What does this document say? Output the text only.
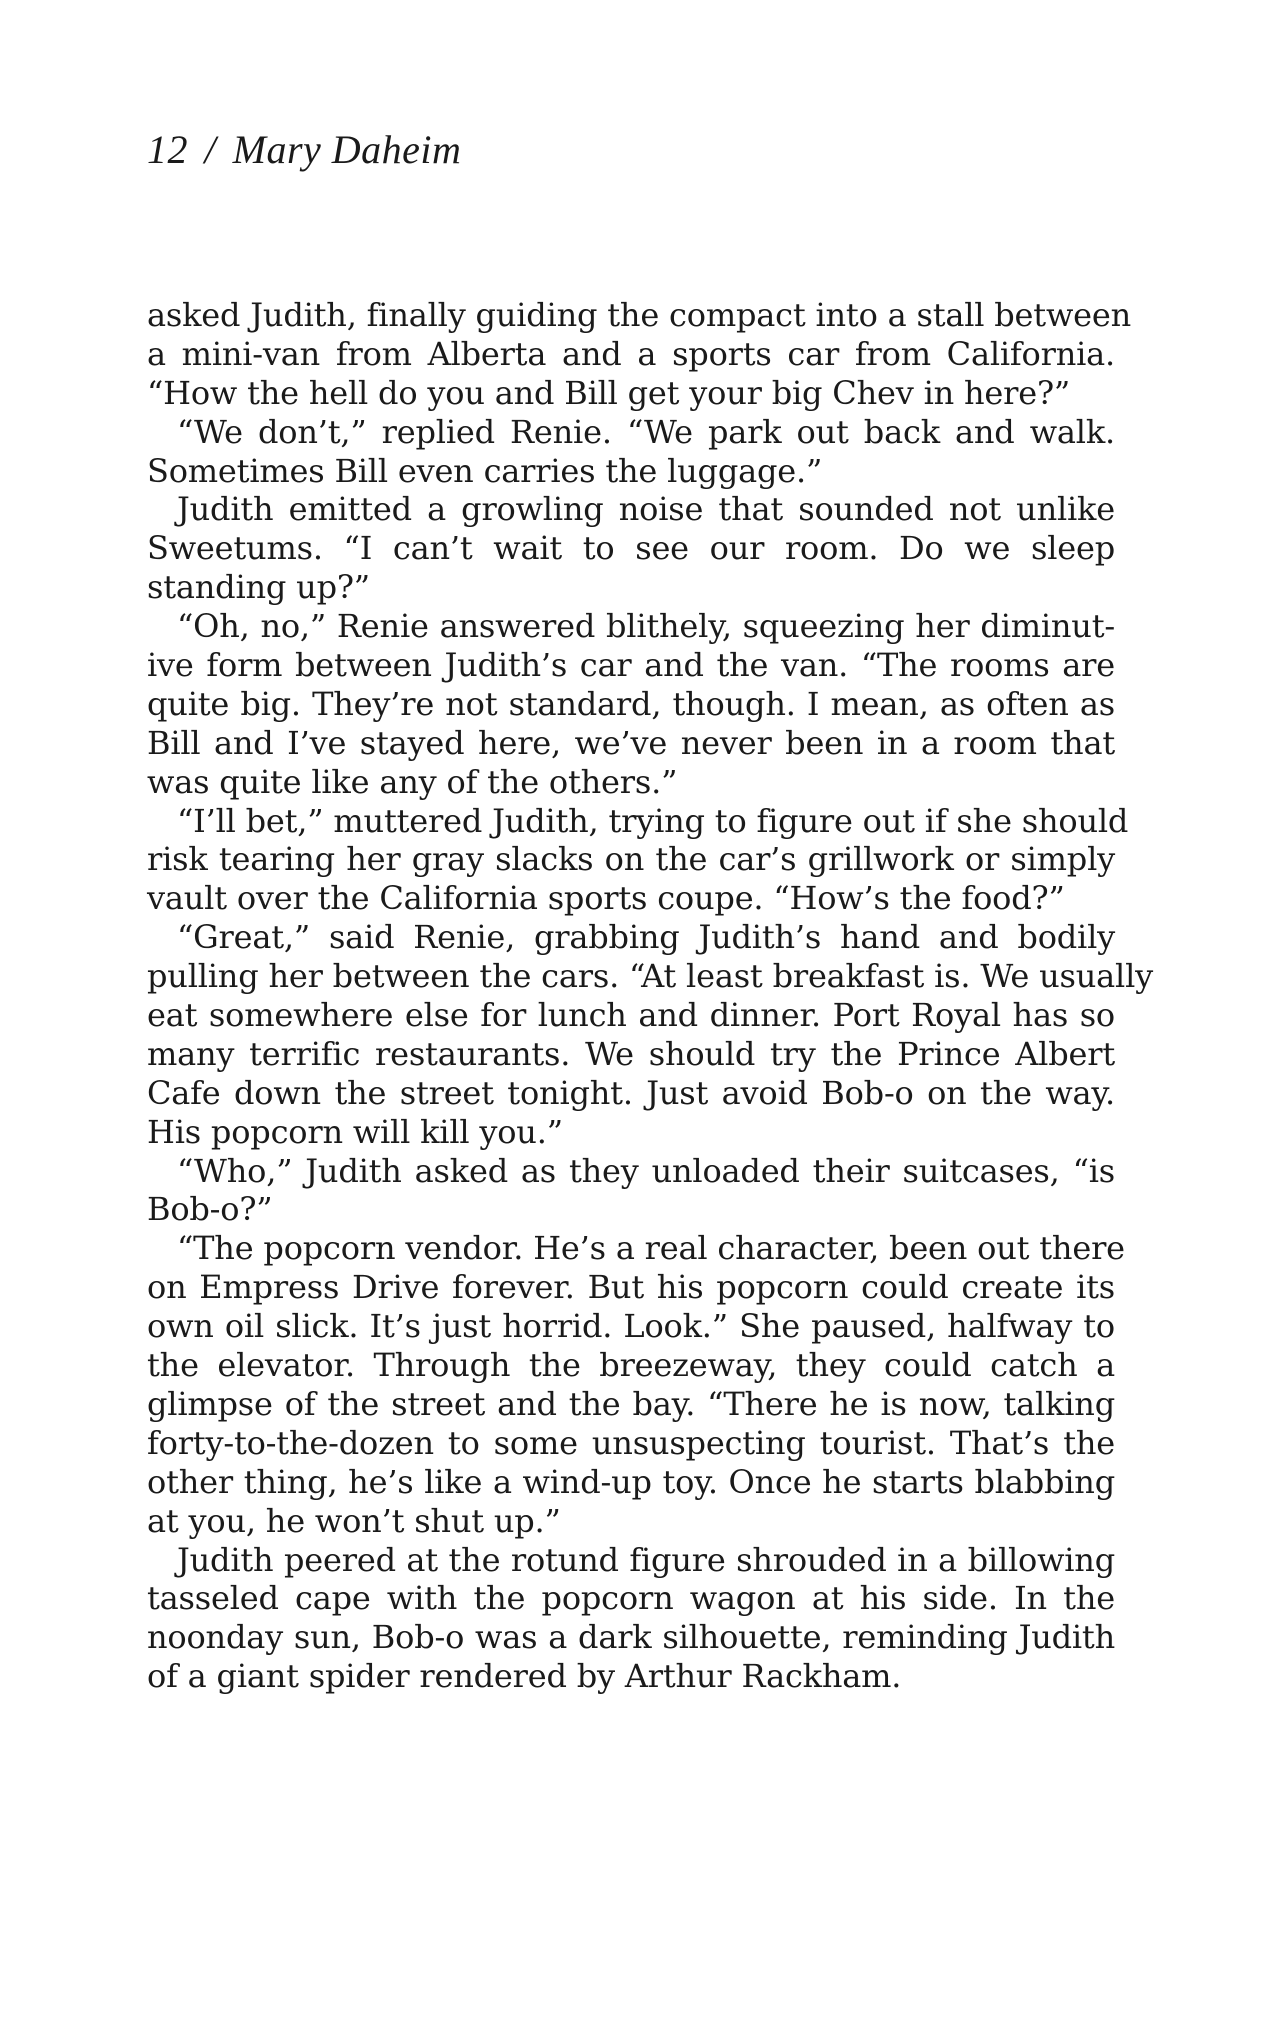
12 / Mary Daheim
asked Judith, finally guiding the compact into a stall between
a mini-van from Alberta and a sports car from California.
“How the hell do you and Bill get your big Chev in here?”
“We don’t,” replied Renie. “We park out back and walk.
Sometimes Bill even carries the luggage.”
Judith emitted a growling noise that sounded not unlike
Sweetums. “I can’t wait to see our room. Do we sleep
standing up?”
“Oh, no,” Renie answered blithely, squeezing her diminut-
ive form between Judith’s car and the van. “The rooms are
quite big. They’re not standard, though. I mean, as often as
Bill and I’ve stayed here, we’ve never been in a room that
was quite like any of the others.”
“I’ll bet,” muttered Judith, trying to figure out if she should
risk tearing her gray slacks on the car’s grillwork or simply
vault over the California sports coupe. “How’s the food?”
“Great,” said Renie, grabbing Judith’s hand and bodily
pulling her between the cars. “At least breakfast is. We usually
eat somewhere else for lunch and dinner. Port Royal has so
many terrific restaurants. We should try the Prince Albert
Cafe down the street tonight. Just avoid Bob-o on the way.
His popcorn will kill you.”
“Who,” Judith asked as they unloaded their suitcases, “is
Bob-o?”
“The popcorn vendor. He’s a real character, been out there
on Empress Drive forever. But his popcorn could create its
own oil slick. It’s just horrid. Look.” She paused, halfway to
the elevator. Through the breezeway, they could catch a
glimpse of the street and the bay. “There he is now, talking
forty-to-the-dozen to some unsuspecting tourist. That’s the
other thing, he’s like a wind-up toy. Once he starts blabbing
at you, he won’t shut up.”
Judith peered at the rotund figure shrouded in a billowing
tasseled cape with the popcorn wagon at his side. In the
noonday sun, Bob-o was a dark silhouette, reminding Judith
of a giant spider rendered by Arthur Rackham.
